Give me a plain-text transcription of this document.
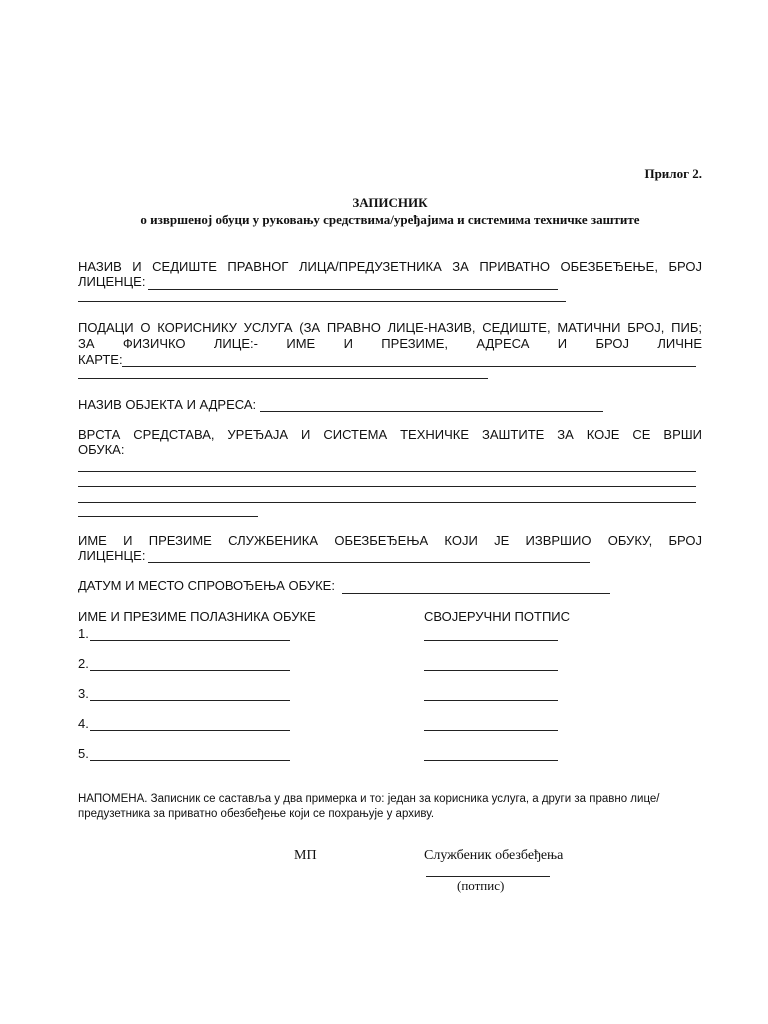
Прилог 2.
ЗАПИСНИК
о извршеној обуци у руковању средствима/уређајима и системима техничке заштите
НАЗИВ И СЕДИШТЕ ПРАВНОГ ЛИЦА/ПРЕДУЗЕТНИКА ЗА ПРИВАТНО ОБЕЗБЕЂЕЊЕ, БРОЈ
ЛИЦЕНЦЕ:
ПОДАЦИ О КОРИСНИКУ УСЛУГА (ЗА ПРАВНО ЛИЦЕ-НАЗИВ, СЕДИШТЕ, МАТИЧНИ БРОЈ, ПИБ;
ЗА ФИЗИЧКО ЛИЦЕ:- ИМЕ И ПРЕЗИМЕ, АДРЕСА И БРОЈ ЛИЧНЕ
КАРТЕ:
НАЗИВ ОБЈЕКТА И АДРЕСА:
ВРСТА СРЕДСТАВА, УРЕЂАЈА И СИСТЕМА ТЕХНИЧКЕ ЗАШТИТЕ ЗА КОЈЕ СЕ ВРШИ
ОБУКА:
ИМЕ И ПРЕЗИМЕ СЛУЖБЕНИКА ОБЕЗБЕЂЕЊА КОЈИ ЈЕ ИЗВРШИО ОБУКУ, БРОЈ
ЛИЦЕНЦЕ:
ДАТУМ И МЕСТО СПРОВОЂЕЊА ОБУКЕ:
ИМЕ И ПРЕЗИМЕ ПОЛАЗНИКА ОБУКЕ	СВОЈЕРУЧНИ ПОТПИС
1.
2.
3.
4.
5.
НАПОМЕНА. Записник се саставља у два примерка и то: један за корисника услуга, а други за правно лице/предузетника за приватно обезбеђење који се похрањује у архиву.
МП	Службеник обезбеђења
(потпис)
